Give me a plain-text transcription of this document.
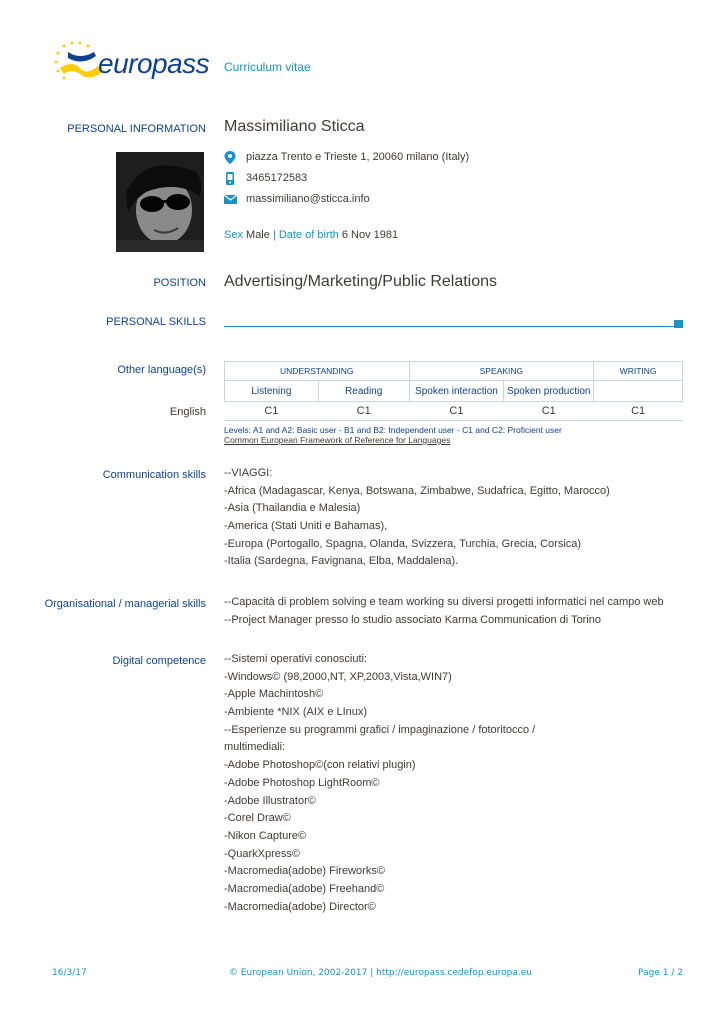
europass Curriculum vitae
PERSONAL INFORMATION Massimiliano Sticca
piazza Trento e Trieste 1, 20060 milano (Italy)
3465172583
massimiliano@sticca.info
Sex Male | Date of birth 6 Nov 1981
POSITION Advertising/Marketing/Public Relations
PERSONAL SKILLS
Other language(s)
English
UNDERSTANDING		SPEAKING		WRITING
Listening	Reading	Spoken interaction	Spoken production	
C1	C1	C1	C1	C1
Levels: A1 and A2: Basic user - B1 and B2: Independent user - C1 and C2: Proficient user
Common European Framework of Reference for Languages
Communication skills --VIAGGI:
-Africa (Madagascar, Kenya, Botswana, Zimbabwe, Sudafrica, Egitto, Marocco)
-Asia (Thailandia e Malesia)
-America (Stati Uniti e Bahamas),
-Europa (Portogallo, Spagna, Olanda, Svizzera, Turchia, Grecia, Corsica)
-Italia (Sardegna, Favignana, Elba, Maddalena).
Organisational / managerial skills --Capacità di problem solving e team working su diversi progetti informatici nel campo web
--Project Manager presso lo studio associato Karma Communication di Torino
Digital competence --Sistemi operativi conosciuti:
-Windows© (98,2000,NT, XP,2003,Vista,WIN7)
-Apple Machintosh©
-Ambiente *NIX (AIX e LInux)
--Esperienze su programmi grafici / impaginazione / fotoritocco /
multimediali:
-Adobe Photoshop©(con relativi plugin)
-Adobe Photoshop LightRoom©
-Adobe Illustrator©
-Corel Draw©
-Nikon Capture©
-QuarkXpress©
-Macromedia(adobe) Fireworks©
-Macromedia(adobe) Freehand©
-Macromedia(adobe) Director©
16/3/17	© European Union, 2002-2017 | http://europass.cedefop.europa.eu	Page 1 / 2
